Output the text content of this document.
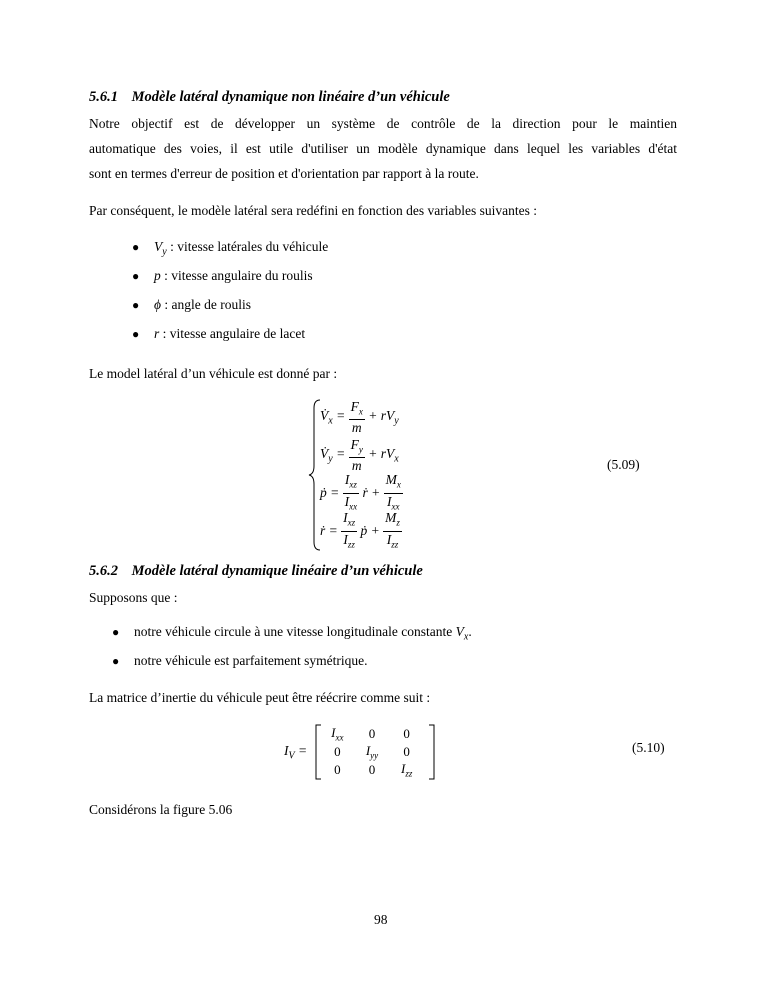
5.6.1 Modèle latéral dynamique non linéaire d’un véhicule
Notre objectif est de développer un système de contrôle de la direction pour le maintien
automatique des voies, il est utile d'utiliser un modèle dynamique dans lequel les variables d'état
sont en termes d'erreur de position et d'orientation par rapport à la route.
Par conséquent, le modèle latéral sera redéfini en fonction des variables suivantes :
● $V_y$ : vitesse latérales du véhicule
● p : vitesse angulaire du roulis
● ϕ : angle de roulis
● r : vitesse angulaire de lacet
Le model latéral d’un véhicule est donné par :
$V̇_x = \frac{F_x}{m} + rV_y$
$V̇_y = \frac{F_y}{m} + rV_x$
ṗ = $\frac{I_{xz}}{I_{xx}}$ ṙ + $\frac{M_x}{I_{xx}}$
ṙ = $\frac{I_{xz}}{I_{zz}}$ ṗ + $\frac{M_z}{I_{zz}}$
(5.09)
5.6.2 Modèle latéral dynamique linéaire d’un véhicule
Supposons que :
● notre véhicule circule à une vitesse longitudinale constante $V_x$.
● notre véhicule est parfaitement symétrique.
La matrice d’inertie du véhicule peut être réécrire comme suit :
$I_V$ =
$I_{xx}$	0	0
0	$I_{yy}$	0
0	0	$I_{zz}$
(5.10)
Considérons la figure 5.06
98
